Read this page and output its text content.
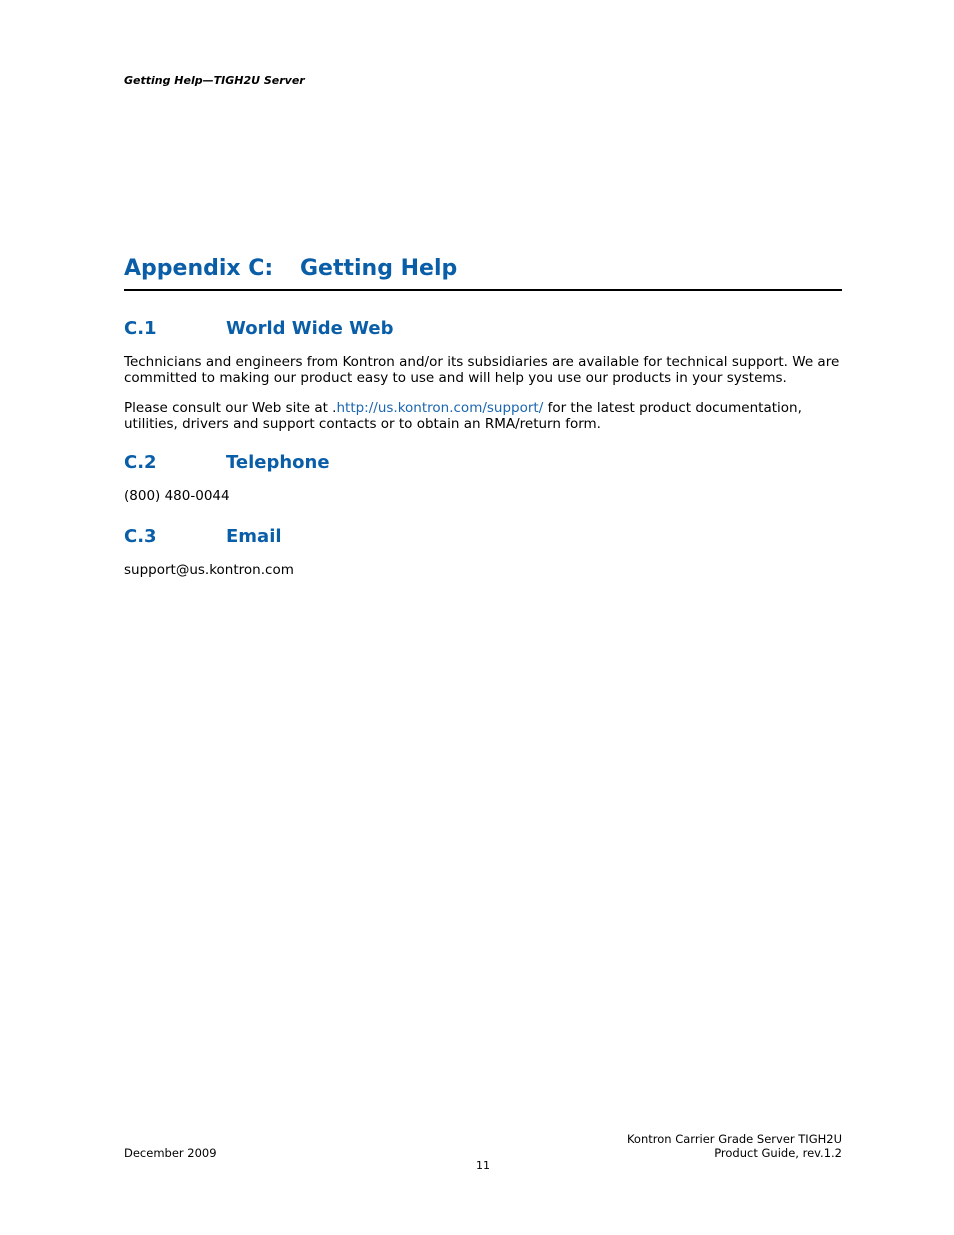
Getting Help—TIGH2U Server
Appendix C: Getting Help
C.1	World Wide Web
Technicians and engineers from Kontron and/or its subsidiaries are available for technical support. We are committed to making our product easy to use and will help you use our products in your systems.
Please consult our Web site at .http://us.kontron.com/support/ for the latest product documentation, utilities, drivers and support contacts or to obtain an RMA/return form.
C.2	Telephone
(800) 480-0044
C.3	Email
support@us.kontron.com
December 2009
Kontron Carrier Grade Server TIGH2U
Product Guide, rev.1.2
11
